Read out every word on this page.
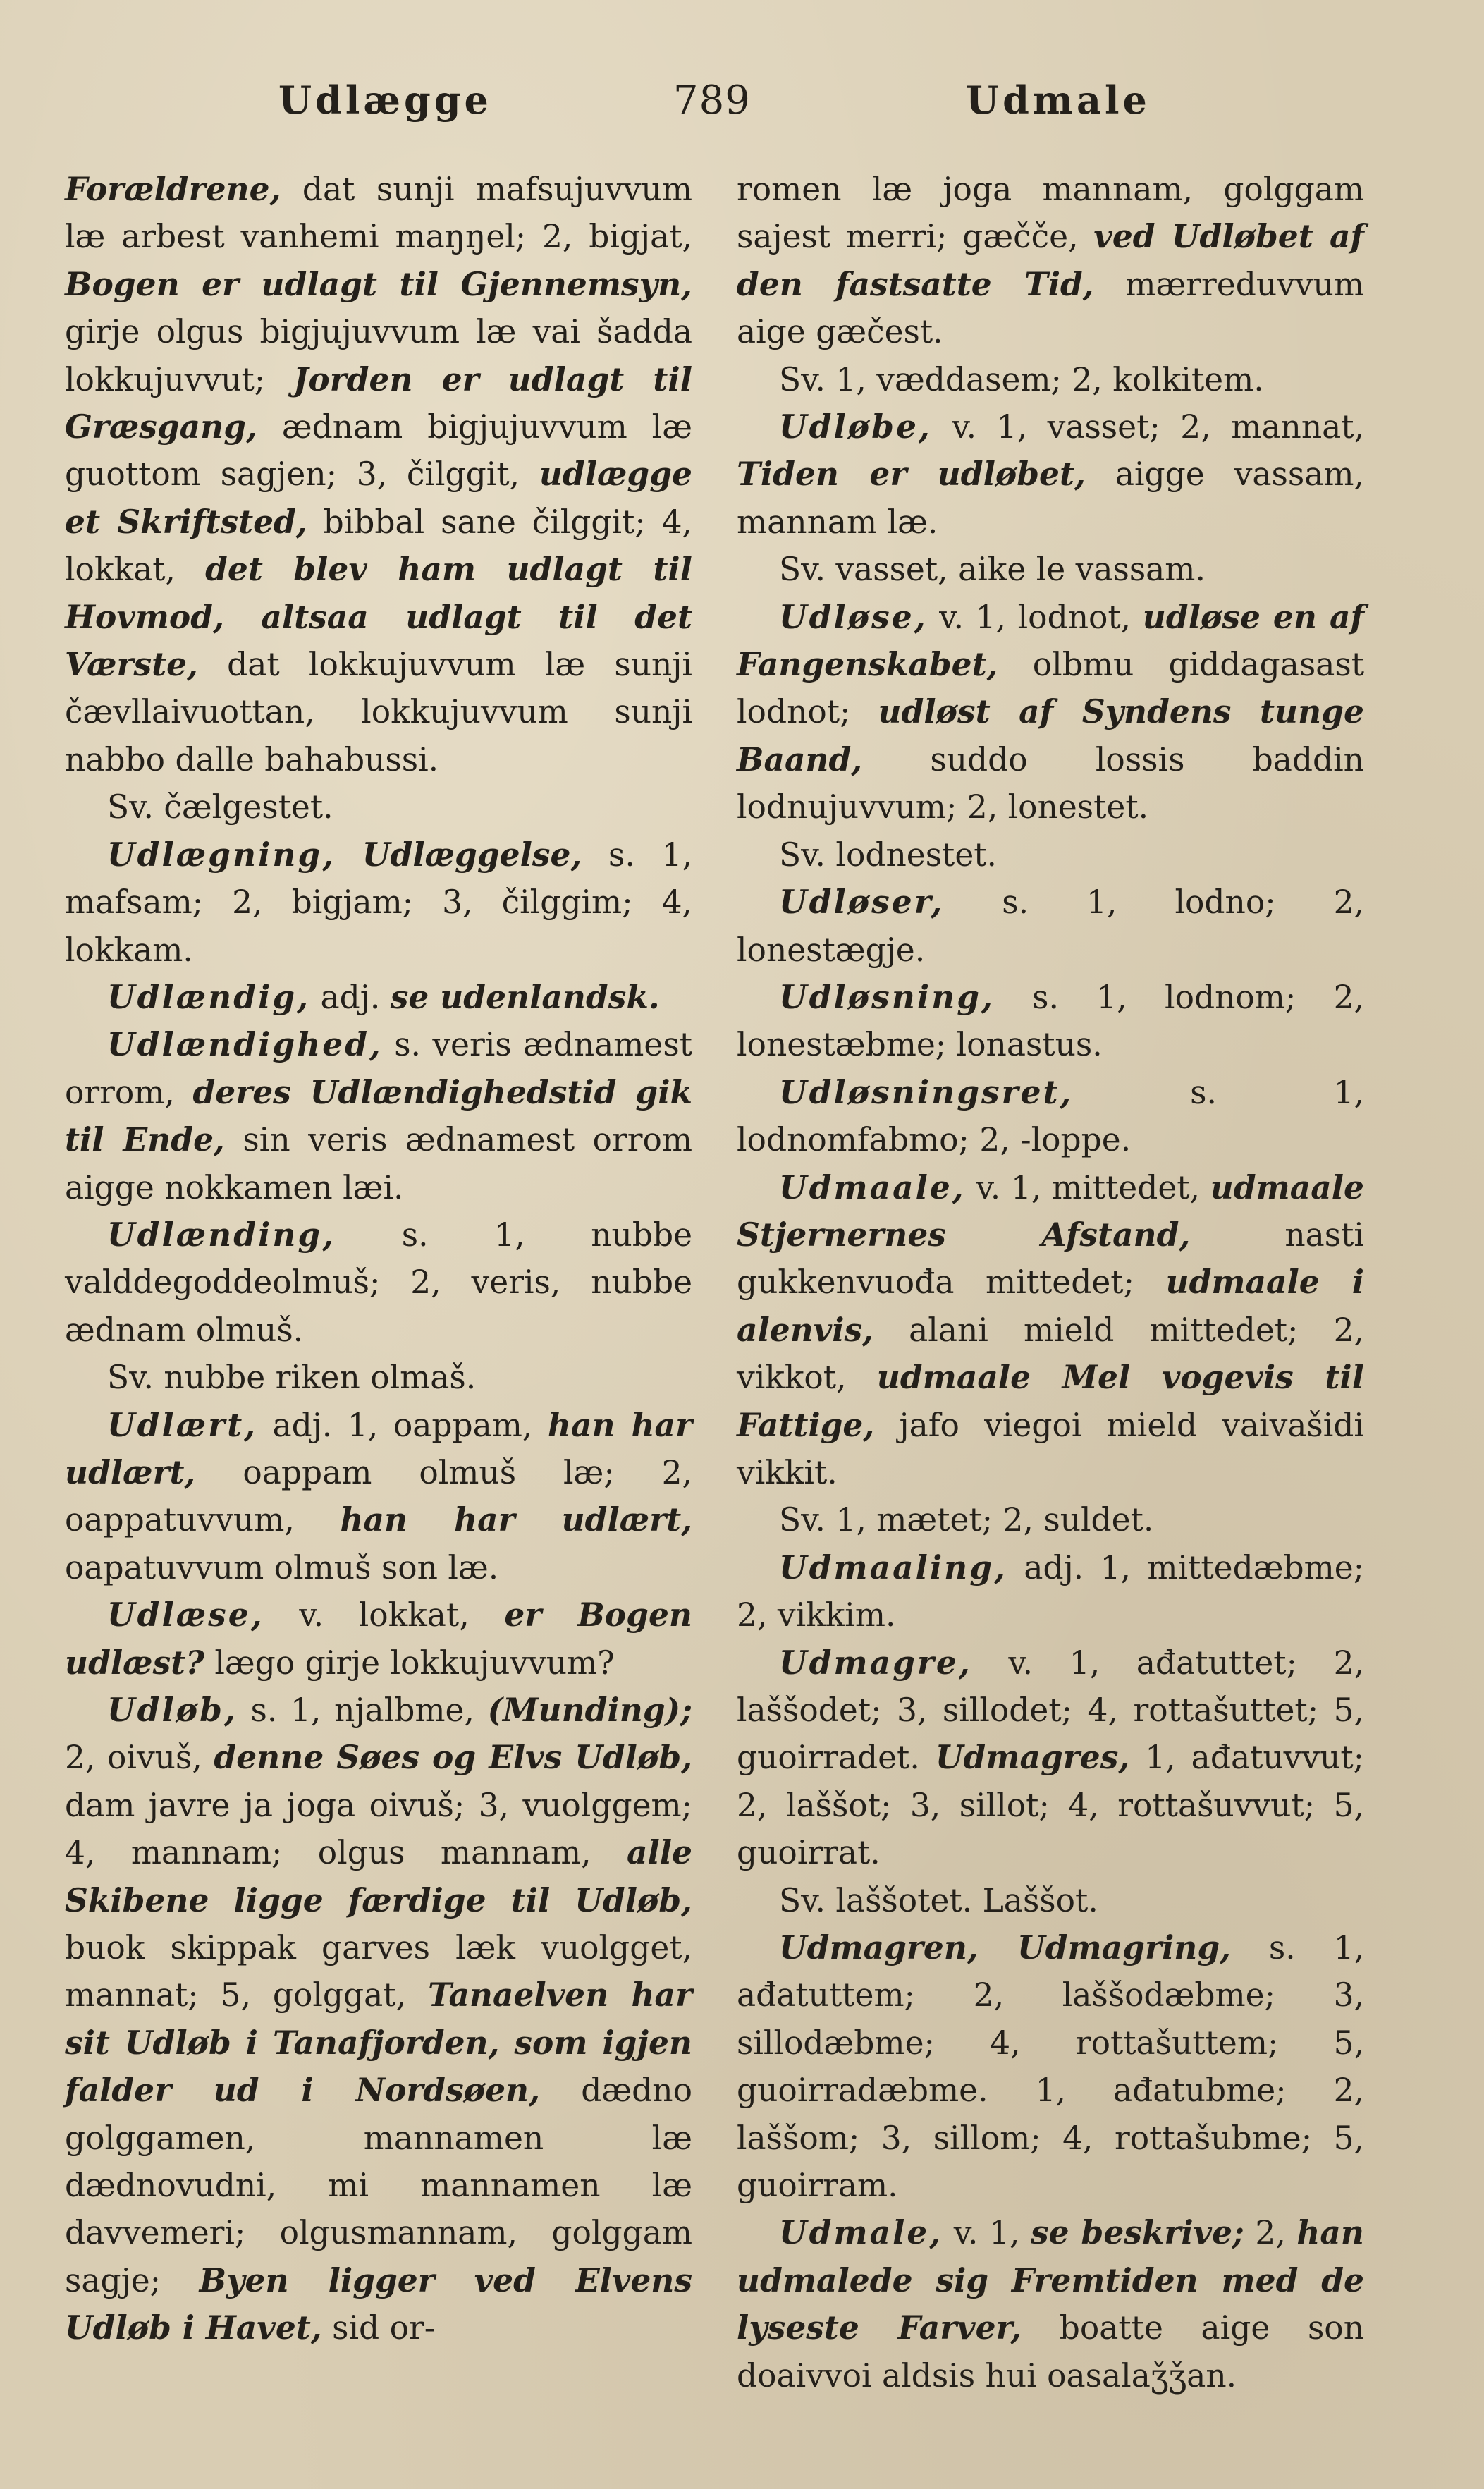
Udlægge	789	Udmale

Forældrene, dat sunji mafsujuvvum læ arbest vanhemi maŋŋel; 2, bigjat, Bogen er udlagt til Gjennemsyn, girje olgus bigjujuvvum læ vai šadda lokkujuvvut; Jorden er udlagt til Græsgang, ædnam bigjujuvvum læ guottom sagjen; 3, čilggit, udlægge et Skriftsted, bibbal sane čilggit; 4, lokkat, det blev ham udlagt til Hovmod, altsaa udlagt til det Værste, dat lokkujuvvum læ sunji čævllaivuottan, lokkujuvvum sunji nabbo dalle bahabussi.

Sv. čælgestet.

Udlægning, Udlæggelse, s. 1, mafsam; 2, bigjam; 3, čilggim; 4, lokkam.

Udlændig, adj. se udenlandsk.

Udlændighed, s. veris ædnamest orrom, deres Udlændighedstid gik til Ende, sin veris ædnamest orrom aigge nokkamen læi.

Udlænding, s. 1, nubbe valddegoddeolmuš; 2, veris, nubbe ædnam olmuš.

Sv. nubbe riken olmaš.

Udlært, adj. 1, oappam, han har udlært, oappam olmuš læ; 2, oappatuvvum, han har udlært, oapatuvvum olmuš son læ.

Udlæse, v. lokkat, er Bogen udlæst? lægo girje lokkujuvvum?

Udløb, s. 1, njalbme, (Munding); 2, oivuš, denne Søes og Elvs Udløb, dam javre ja joga oivuš; 3, vuolggem; 4, mannam; olgus mannam, alle Skibene ligge færdige til Udløb, buok skippak garves læk vuolgget, mannat; 5, golggat, Tanaelven har sit Udløb i Tanafjorden, som igjen falder ud i Nordsøen, dædno golggamen, mannamen læ dædnovudni, mi mannamen læ davvemeri; olgusmannam, golggam sagje; Byen ligger ved Elvens Udløb i Havet, sid or-

romen læ joga mannam, golggam sajest merri; gæčče, ved Udløbet af den fastsatte Tid, mærreduvvum aige gæčest.

Sv. 1, væddasem; 2, kolkitem.

Udløbe, v. 1, vasset; 2, mannat, Tiden er udløbet, aigge vassam, mannam læ.

Sv. vasset, aike le vassam.

Udløse, v. 1, lodnot, udløse en af Fangenskabet, olbmu giddagasast lodnot; udløst af Syndens tunge Baand, suddo lossis baddin lodnujuvvum; 2, lonestet.

Sv. lodnestet.

Udløser, s. 1, lodno; 2, lonestægje.

Udløsning, s. 1, lodnom; 2, lonestæbme; lonastus.

Udløsningsret, s. 1, lodnomfabmo; 2, -loppe.

Udmaale, v. 1, mittedet, udmaale Stjernernes Afstand, nasti gukkenvuođa mittedet; udmaale i alenvis, alani mield mittedet; 2, vikkot, udmaale Mel vogevis til Fattige, jafo viegoi mield vaivašidi vikkit.

Sv. 1, mætet; 2, suldet.

Udmaaling, adj. 1, mittedæbme; 2, vikkim.

Udmagre, v. 1, ađatuttet; 2, laššodet; 3, sillodet; 4, rottašuttet; 5, guoirradet. Udmagres, 1, ađatuvvut; 2, laššot; 3, sillot; 4, rottašuvvut; 5, guoirrat.

Sv. laššotet. Laššot.

Udmagren, Udmagring, s. 1, ađatuttem; 2, laššodæbme; 3, sillodæbme; 4, rottašuttem; 5, guoirradæbme. 1, ađatubme; 2, laššom; 3, sillom; 4, rottašubme; 5, guoirram.

Udmale, v. 1, se beskrive; 2, han udmalede sig Fremtiden med de lyseste Farver, boatte aige son doaivvoi aldsis hui oasalaǯǯan.
